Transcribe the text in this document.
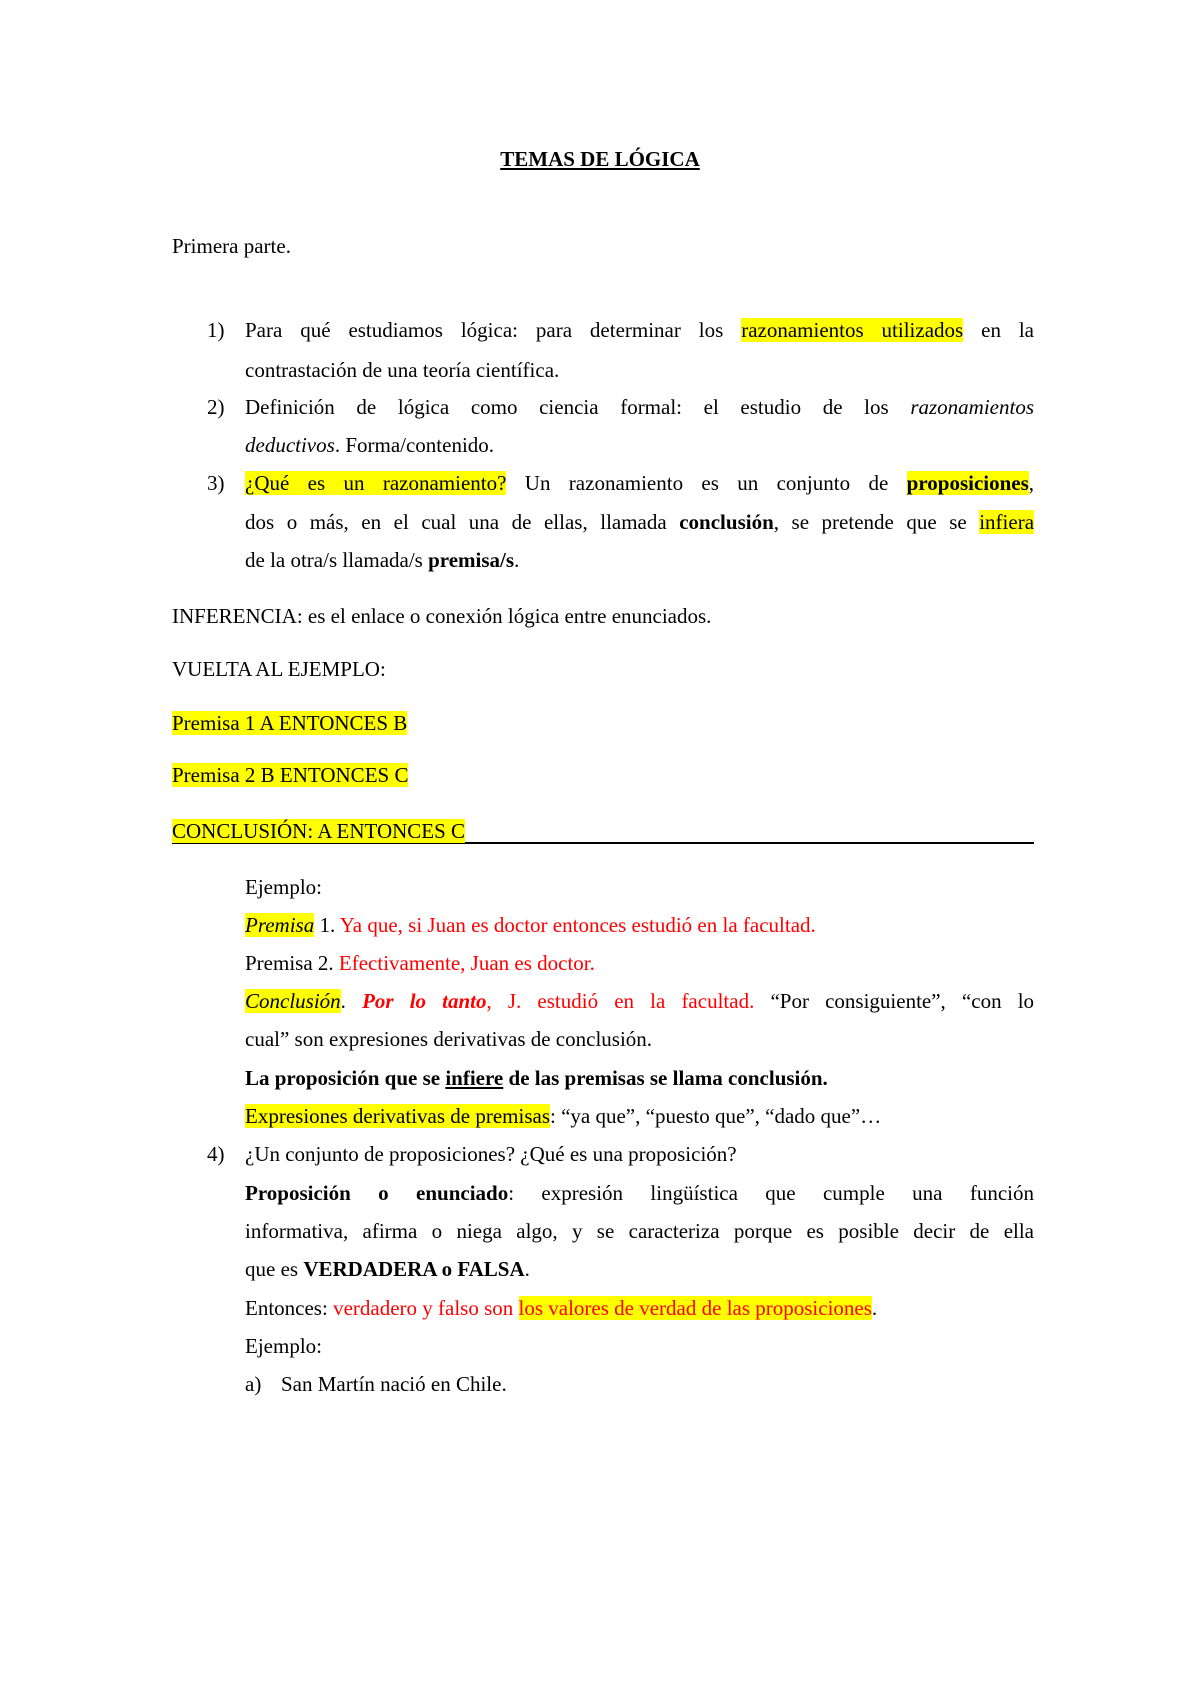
TEMAS DE LÓGICA
Primera parte.
1) Para qué estudiamos lógica: para determinar los razonamientos utilizados en la
contrastación de una teoría científica.
2) Definición de lógica como ciencia formal: el estudio de los razonamientos
deductivos. Forma/contenido.
3) ¿Qué es un razonamiento? Un razonamiento es un conjunto de proposiciones,
dos o más, en el cual una de ellas, llamada conclusión, se pretende que se infiera
de la otra/s llamada/s premisa/s.
INFERENCIA: es el enlace o conexión lógica entre enunciados.
VUELTA AL EJEMPLO:
Premisa 1 A ENTONCES B
Premisa 2 B ENTONCES C
CONCLUSIÓN: A ENTONCES C
Ejemplo:
Premisa 1. Ya que, si Juan es doctor entonces estudió en la facultad.
Premisa 2. Efectivamente, Juan es doctor.
Conclusión. Por lo tanto, J. estudió en la facultad. “Por consiguiente”, “con lo
cual” son expresiones derivativas de conclusión.
La proposición que se infiere de las premisas se llama conclusión.
Expresiones derivativas de premisas: “ya que”, “puesto que”, “dado que”…
4) ¿Un conjunto de proposiciones? ¿Qué es una proposición?
Proposición o enunciado: expresión lingüística que cumple una función
informativa, afirma o niega algo, y se caracteriza porque es posible decir de ella
que es VERDADERA o FALSA.
Entonces: verdadero y falso son los valores de verdad de las proposiciones.
Ejemplo:
a) San Martín nació en Chile.
